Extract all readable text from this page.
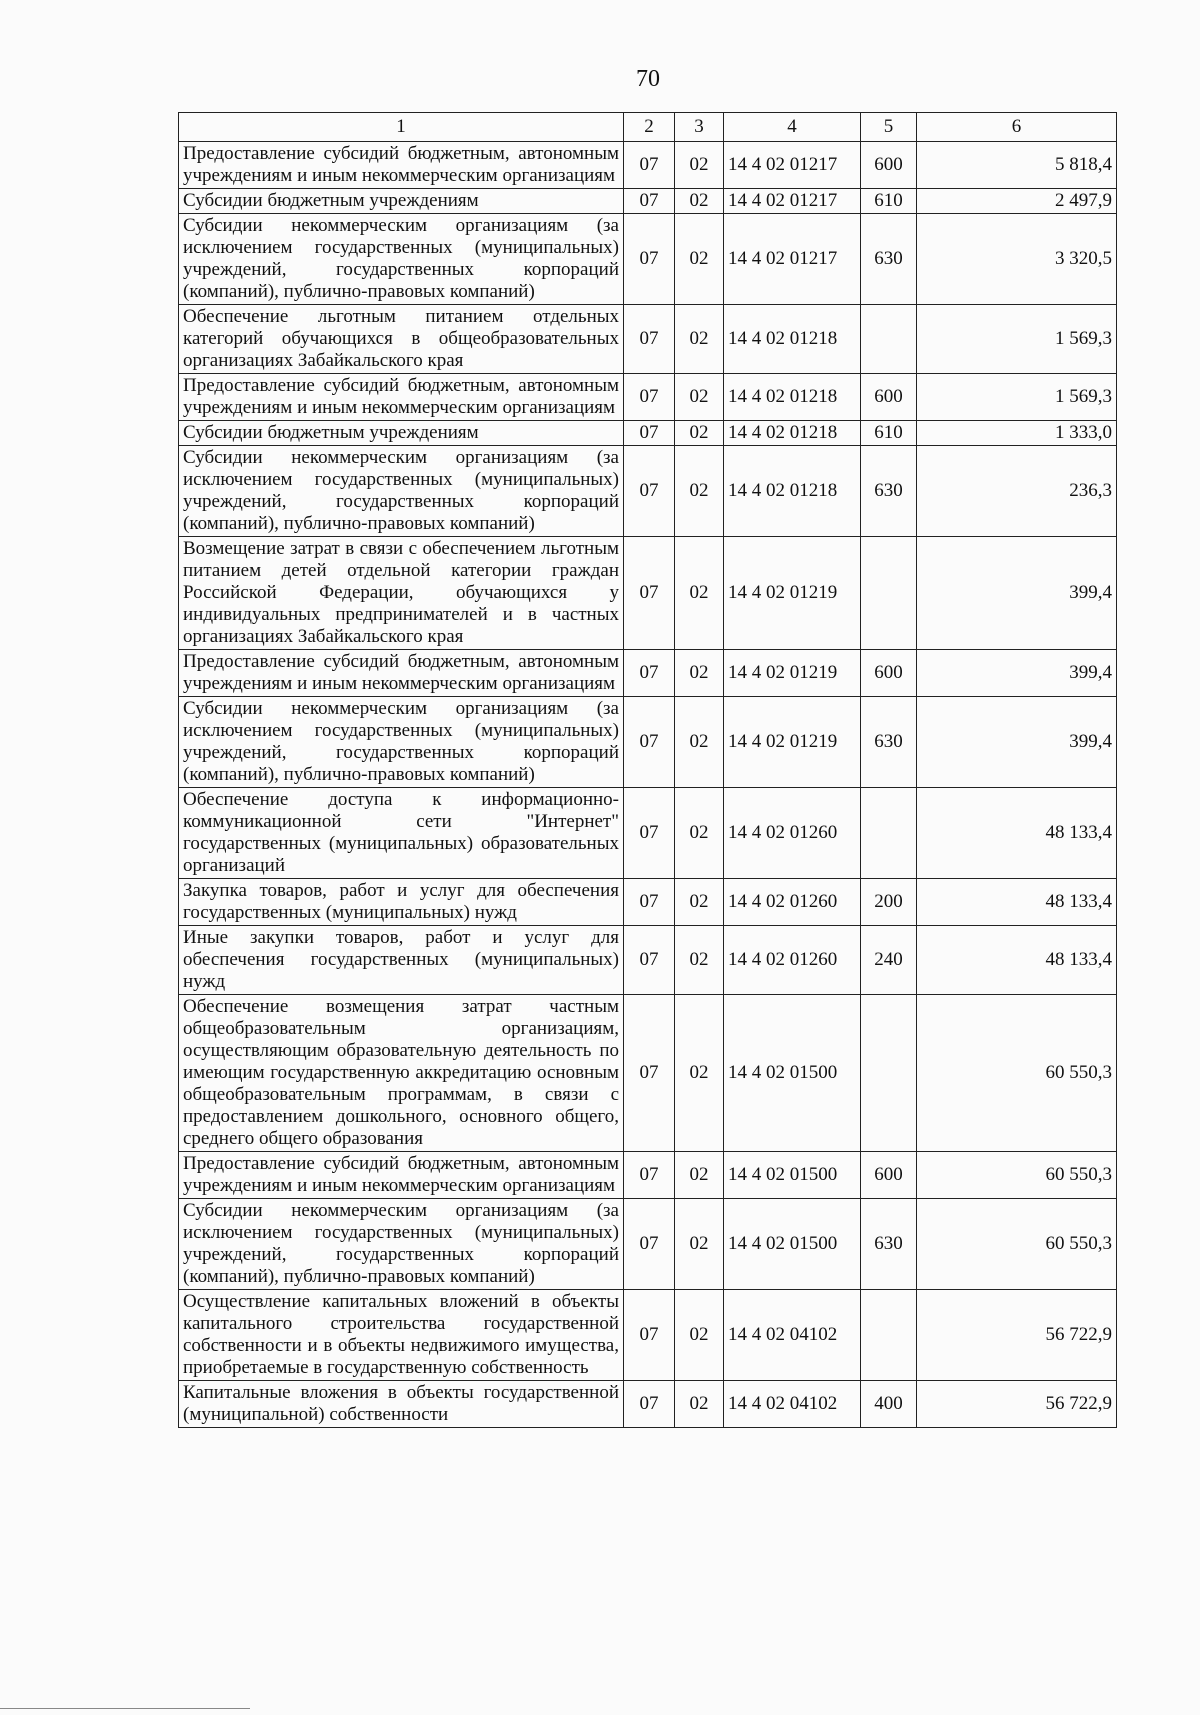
70
1	2	3	4	5	6
Предоставление субсидий бюджетным, автономным учреждениям и иным некоммерческим организациям	07	02	14 4 02 01217	600	5 818,4
Субсидии бюджетным учреждениям	07	02	14 4 02 01217	610	2 497,9
Субсидии некоммерческим организациям (за исключением государственных (муниципальных) учреждений, государственных корпораций (компаний), публично-правовых компаний)	07	02	14 4 02 01217	630	3 320,5
Обеспечение льготным питанием отдельных категорий обучающихся в общеобразовательных организациях Забайкальского края	07	02	14 4 02 01218		1 569,3
Предоставление субсидий бюджетным, автономным учреждениям и иным некоммерческим организациям	07	02	14 4 02 01218	600	1 569,3
Субсидии бюджетным учреждениям	07	02	14 4 02 01218	610	1 333,0
Субсидии некоммерческим организациям (за исключением государственных (муниципальных) учреждений, государственных корпораций (компаний), публично-правовых компаний)	07	02	14 4 02 01218	630	236,3
Возмещение затрат в связи с обеспечением льготным питанием детей отдельной категории граждан Российской Федерации, обучающихся у индивидуальных предпринимателей и в частных организациях Забайкальского края	07	02	14 4 02 01219		399,4
Предоставление субсидий бюджетным, автономным учреждениям и иным некоммерческим организациям	07	02	14 4 02 01219	600	399,4
Субсидии некоммерческим организациям (за исключением государственных (муниципальных) учреждений, государственных корпораций (компаний), публично-правовых компаний)	07	02	14 4 02 01219	630	399,4
Обеспечение доступа к информационно-коммуникационной сети "Интернет" государственных (муниципальных) образовательных организаций	07	02	14 4 02 01260		48 133,4
Закупка товаров, работ и услуг для обеспечения государственных (муниципальных) нужд	07	02	14 4 02 01260	200	48 133,4
Иные закупки товаров, работ и услуг для обеспечения государственных (муниципальных) нужд	07	02	14 4 02 01260	240	48 133,4
Обеспечение возмещения затрат частным общеобразовательным организациям, осуществляющим образовательную деятельность по имеющим государственную аккредитацию основным общеобразовательным программам, в связи с предоставлением дошкольного, основного общего, среднего общего образования	07	02	14 4 02 01500		60 550,3
Предоставление субсидий бюджетным, автономным учреждениям и иным некоммерческим организациям	07	02	14 4 02 01500	600	60 550,3
Субсидии некоммерческим организациям (за исключением государственных (муниципальных) учреждений, государственных корпораций (компаний), публично-правовых компаний)	07	02	14 4 02 01500	630	60 550,3
Осуществление капитальных вложений в объекты капитального строительства государственной собственности и в объекты недвижимого имущества, приобретаемые в государственную собственность	07	02	14 4 02 04102		56 722,9
Капитальные вложения в объекты государственной (муниципальной) собственности	07	02	14 4 02 04102	400	56 722,9
